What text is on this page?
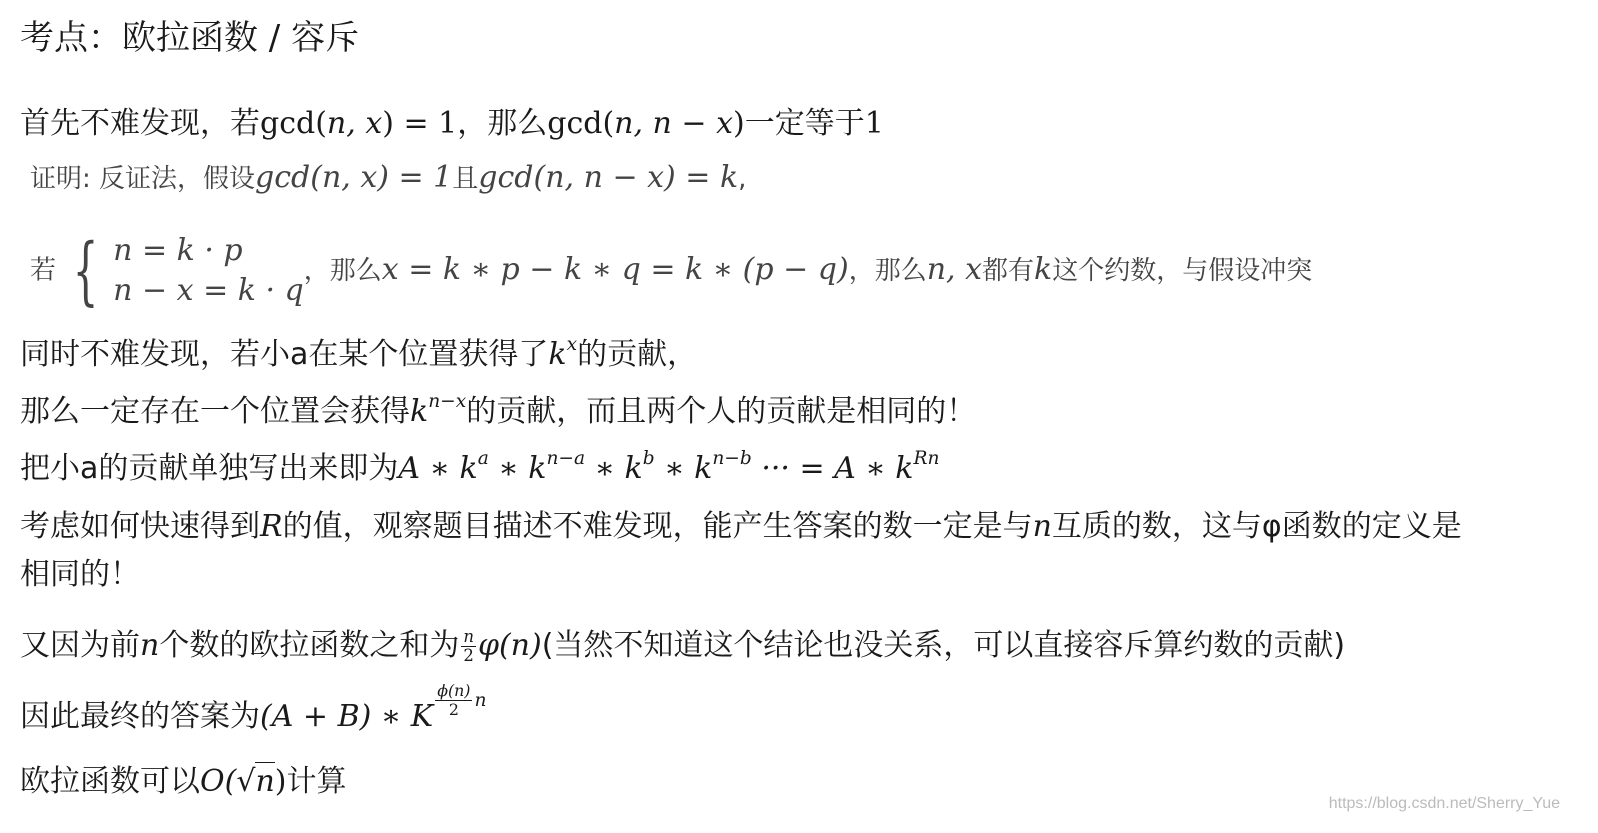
考点：欧拉函数 / 容斥
首先不难发现，若gcd(n, x) = 1，那么gcd(n, n − x)一定等于1
证明: 反证法，假设gcd(n, x) = 1且gcd(n, n − x) = k,
若 { n = k · p
n − x = k · q
，那么x = k ∗ p − k ∗ q = k ∗ (p − q)，那么n, x都有k这个约数，与假设冲突
同时不难发现，若小a在某个位置获得了$k^x$的贡献，
那么一定存在一个位置会获得$k^{n-x}$的贡献，而且两个人的贡献是相同的！
把小a的贡献单独写出来即为A ∗ $k^a$ ∗ $k^{n-a}$ ∗ $k^b$ ∗ $k^{n-b}$ ··· = A ∗ $k^{Rn}$
考虑如何快速得到R的值，观察题目描述不难发现，能产生答案的数一定是与n互质的数，这与φ函数的定义是
相同的！
又因为前n个数的欧拉函数之和为 $\frac{n}{2} \varphi(n)$(当然不知道这个结论也没关系，可以直接容斥算约数的贡献)
因此最终的答案为(A + B) ∗ K $^{\frac{\phi(n)}{2} n}$
欧拉函数可以O(√n)计算
https://blog.csdn.net/Sherry_Yue
